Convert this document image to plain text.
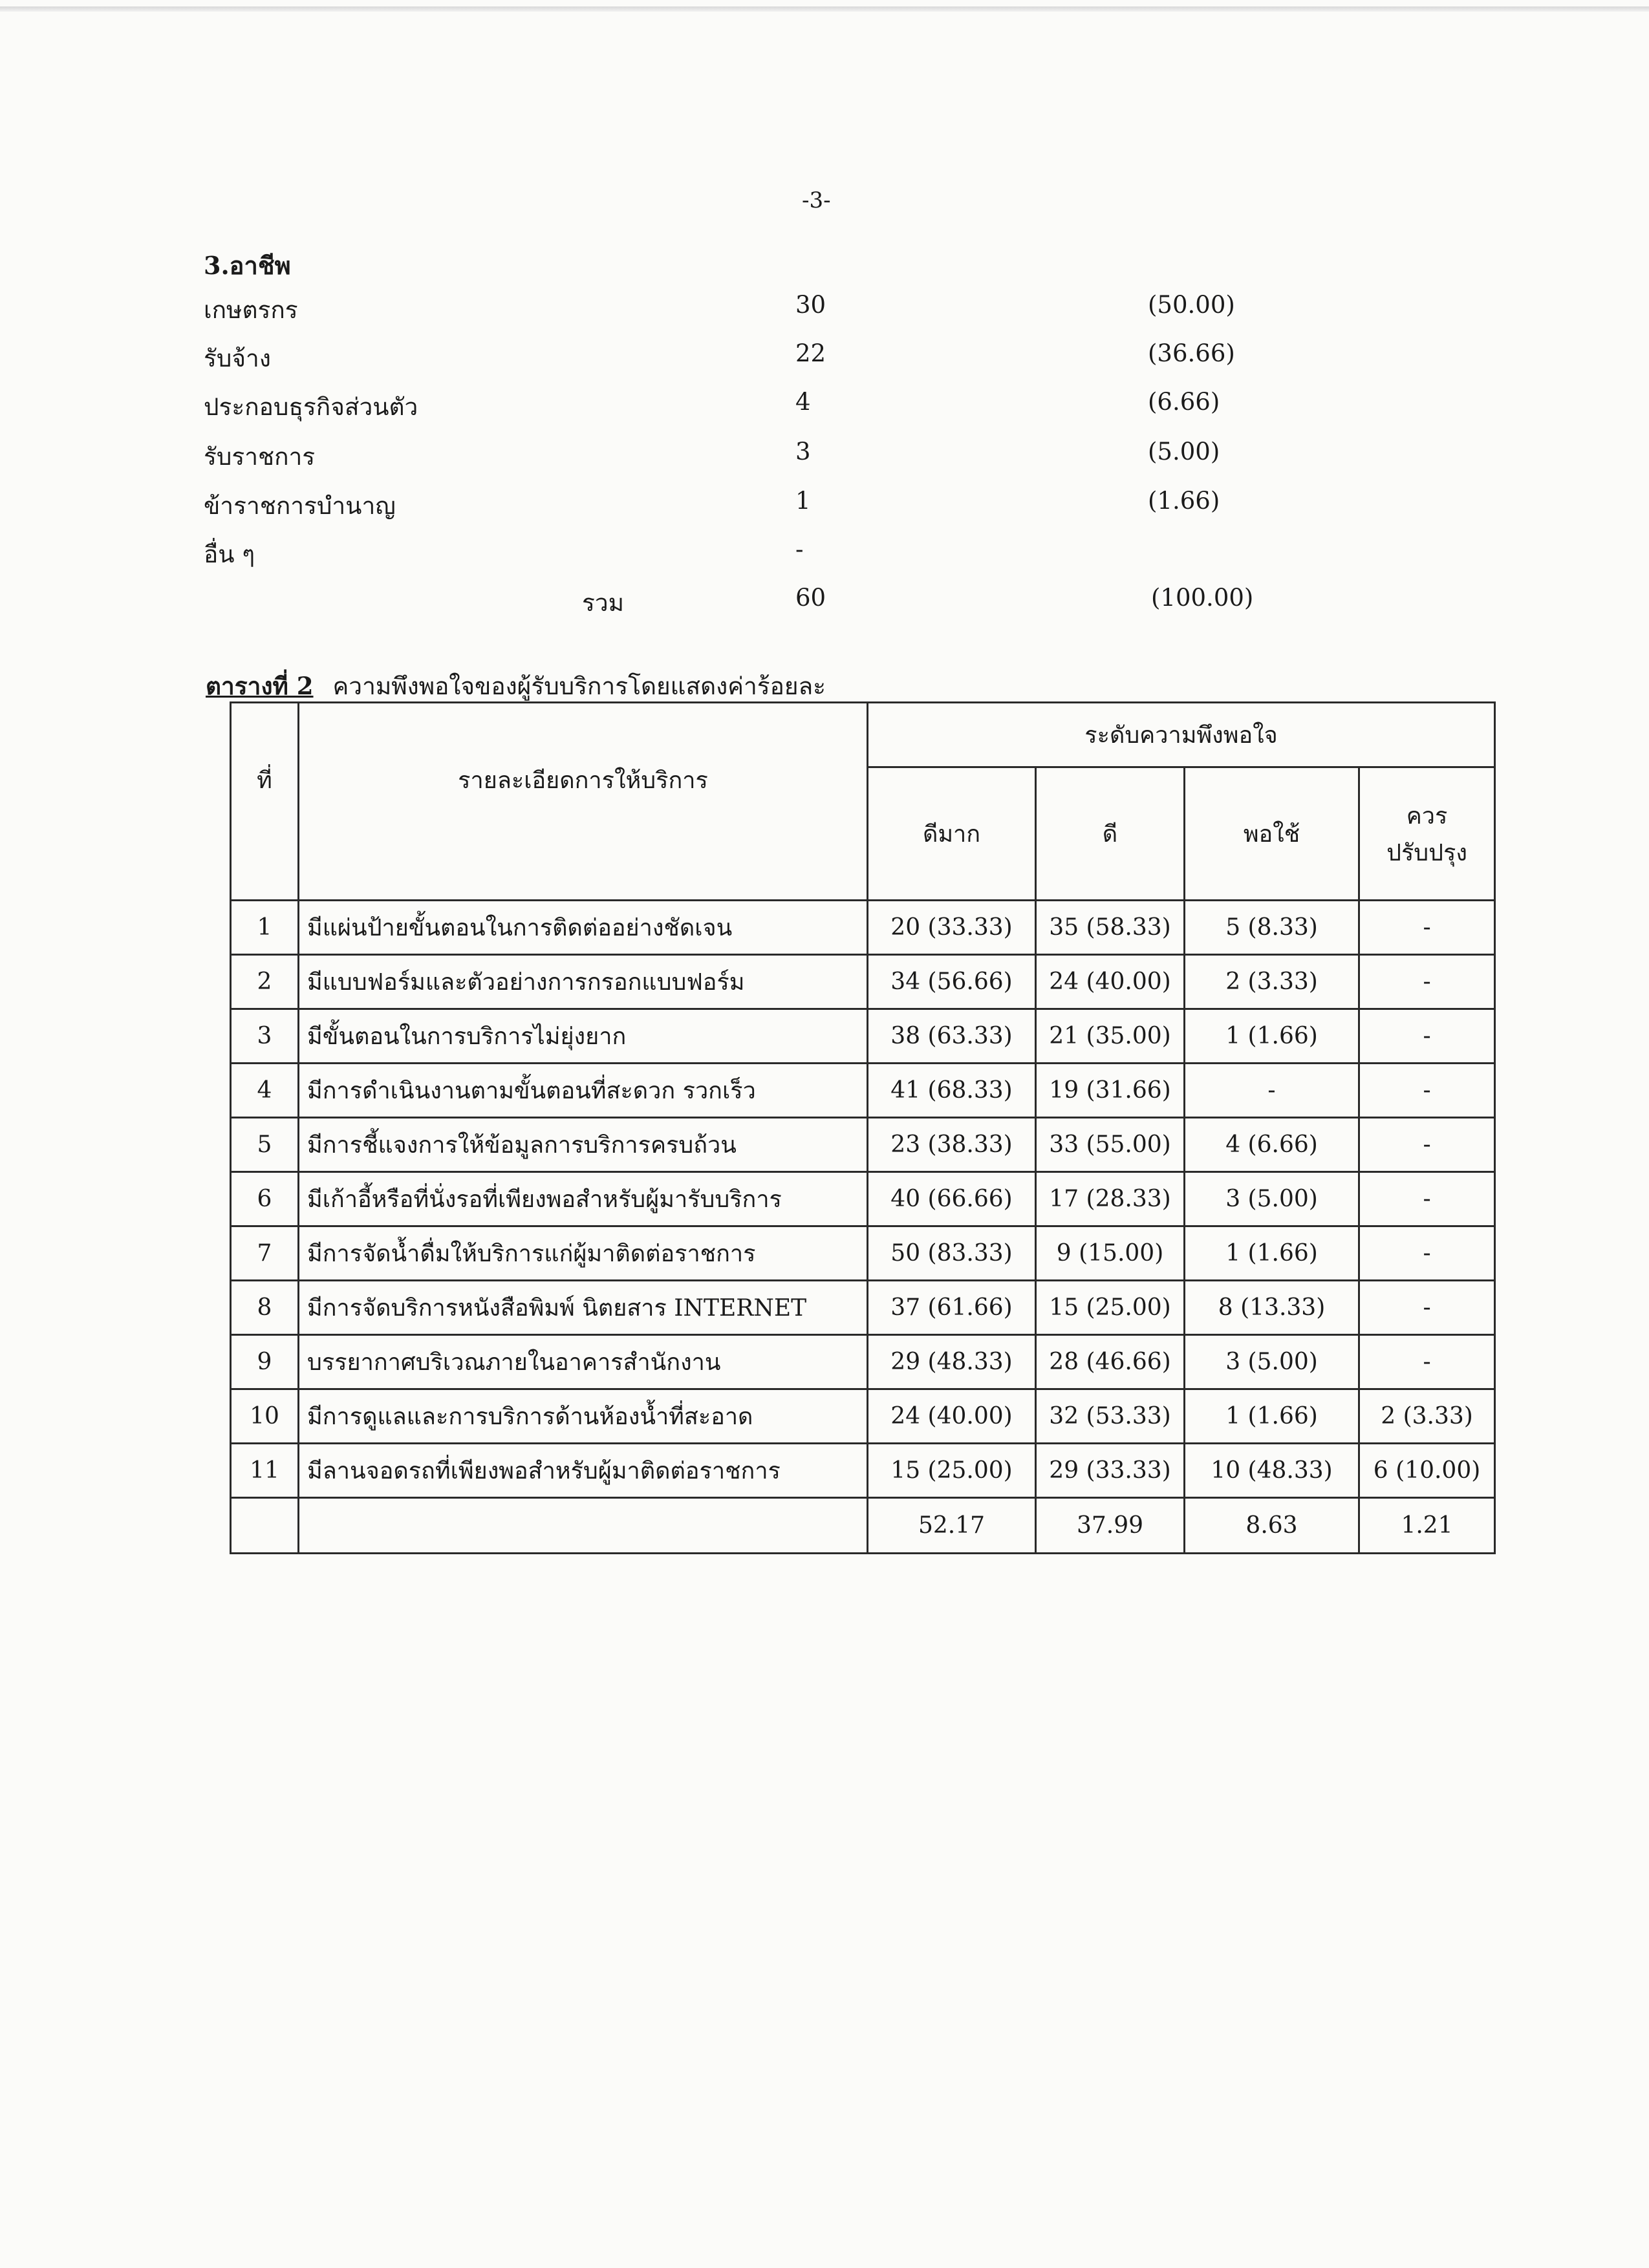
-3-
3.อาชีพ
เกษตรกร	30	(50.00)
รับจ้าง	22	(36.66)
ประกอบธุรกิจส่วนตัว	4	(6.66)
รับราชการ	3	(5.00)
ข้าราชการบำนาญ	1	(1.66)
อื่น ๆ	-
รวม	60	(100.00)
ตารางที่ 2 ความพึงพอใจของผู้รับบริการโดยแสดงค่าร้อยละ
ที่	รายละเอียดการให้บริการ	ระดับความพึงพอใจ			
		ดีมาก	ดี	พอใช้	ควร
ปรับปรุง
1	มีแผ่นป้ายขั้นตอนในการติดต่ออย่างชัดเจน	20 (33.33)	35 (58.33)	5 (8.33)	-
2	มีแบบฟอร์มและตัวอย่างการกรอกแบบฟอร์ม	34 (56.66)	24 (40.00)	2 (3.33)	-
3	มีขั้นตอนในการบริการไม่ยุ่งยาก	38 (63.33)	21 (35.00)	1 (1.66)	-
4	มีการดำเนินงานตามขั้นตอนที่สะดวก รวกเร็ว	41 (68.33)	19 (31.66)	-	-
5	มีการชี้แจงการให้ข้อมูลการบริการครบถ้วน	23 (38.33)	33 (55.00)	4 (6.66)	-
6	มีเก้าอี้หรือที่นั่งรอที่เพียงพอสำหรับผู้มารับบริการ	40 (66.66)	17 (28.33)	3 (5.00)	-
7	มีการจัดน้ำดื่มให้บริการแก่ผู้มาติดต่อราชการ	50 (83.33)	9 (15.00)	1 (1.66)	-
8	มีการจัดบริการหนังสือพิมพ์ นิตยสาร INTERNET	37 (61.66)	15 (25.00)	8 (13.33)	-
9	บรรยากาศบริเวณภายในอาคารสำนักงาน	29 (48.33)	28 (46.66)	3 (5.00)	-
10	มีการดูแลและการบริการด้านห้องน้ำที่สะอาด	24 (40.00)	32 (53.33)	1 (1.66)	2 (3.33)
11	มีลานจอดรถที่เพียงพอสำหรับผู้มาติดต่อราชการ	15 (25.00)	29 (33.33)	10 (48.33)	6 (10.00)
		52.17	37.99	8.63	1.21
